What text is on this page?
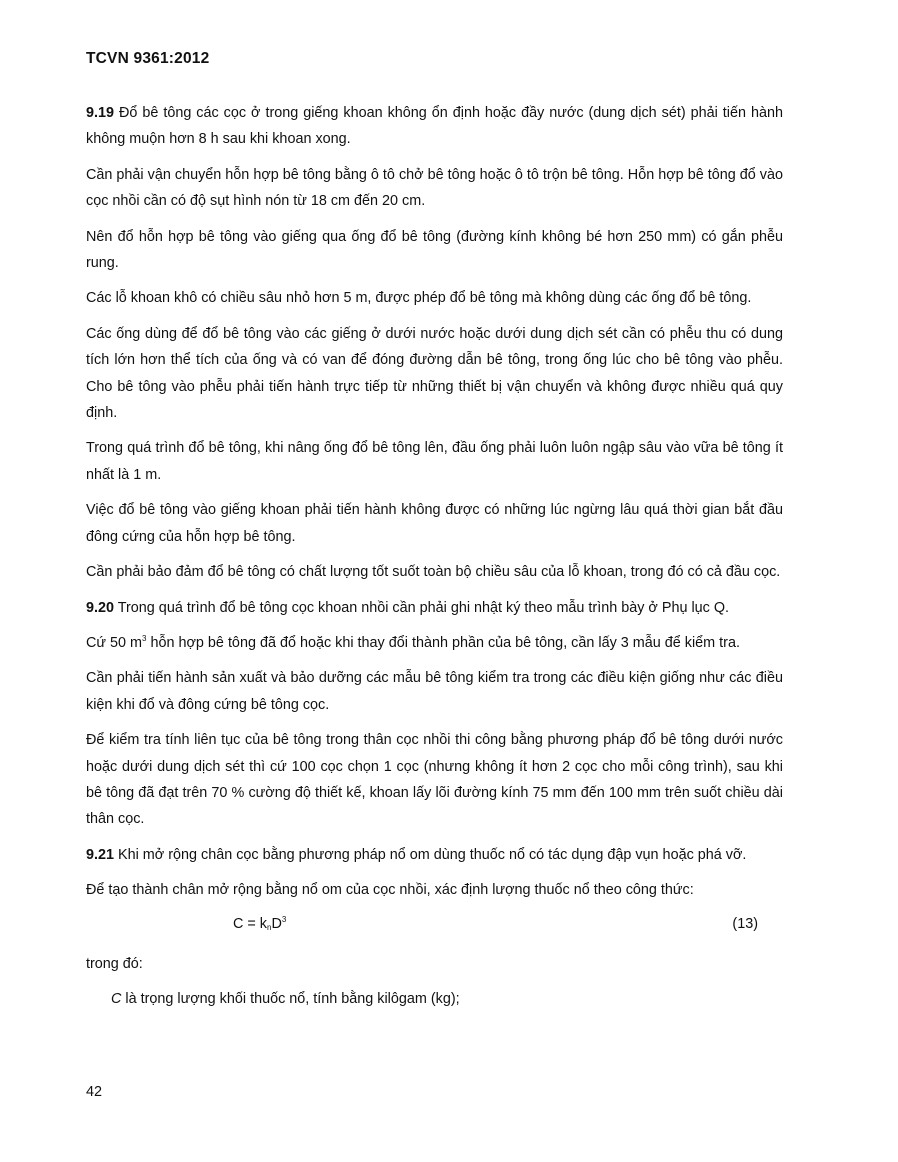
TCVN 9361:2012

9.19 Đổ bê tông các cọc ở trong giếng khoan không ổn định hoặc đầy nước (dung dịch sét) phải tiến hành không muộn hơn 8 h sau khi khoan xong.

Cần phải vận chuyển hỗn hợp bê tông bằng ô tô chở bê tông hoặc ô tô trộn bê tông. Hỗn hợp bê tông đổ vào cọc nhồi cần có độ sụt hình nón từ 18 cm đến 20 cm.

Nên đổ hỗn hợp bê tông vào giếng qua ống đổ bê tông (đường kính không bé hơn 250 mm) có gắn phễu rung.

Các lỗ khoan khô có chiều sâu nhỏ hơn 5 m, được phép đổ bê tông mà không dùng các ống đổ bê tông.

Các ống dùng để đổ bê tông vào các giếng ở dưới nước hoặc dưới dung dịch sét cần có phễu thu có dung tích lớn hơn thể tích của ống và có van để đóng đường dẫn bê tông, trong ống lúc cho bê tông vào phễu. Cho bê tông vào phễu phải tiến hành trực tiếp từ những thiết bị vận chuyển và không được nhiều quá quy định.

Trong quá trình đổ bê tông, khi nâng ống đổ bê tông lên, đầu ống phải luôn luôn ngập sâu vào vữa bê tông ít nhất là 1 m.

Việc đổ bê tông vào giếng khoan phải tiến hành không được có những lúc ngừng lâu quá thời gian bắt đầu đông cứng của hỗn hợp bê tông.

Cần phải bảo đảm đổ bê tông có chất lượng tốt suốt toàn bộ chiều sâu của lỗ khoan, trong đó có cả đầu cọc.

9.20 Trong quá trình đổ bê tông cọc khoan nhồi cần phải ghi nhật ký theo mẫu trình bày ở Phụ lục Q.

Cứ 50 $m^3$ hỗn hợp bê tông đã đổ hoặc khi thay đổi thành phần của bê tông, cần lấy 3 mẫu để kiểm tra.

Cần phải tiến hành sản xuất và bảo dưỡng các mẫu bê tông kiểm tra trong các điều kiện giống như các điều kiện khi đổ và đông cứng bê tông cọc.

Để kiểm tra tính liên tục của bê tông trong thân cọc nhồi thi công bằng phương pháp đổ bê tông dưới nước hoặc dưới dung dịch sét thì cứ 100 cọc chọn 1 cọc (nhưng không ít hơn 2 cọc cho mỗi công trình), sau khi bê tông đã đạt trên 70 % cường độ thiết kế, khoan lấy lõi đường kính 75 mm đến 100 mm trên suốt chiều dài thân cọc.

9.21 Khi mở rộng chân cọc bằng phương pháp nổ om dùng thuốc nổ có tác dụng đập vụn hoặc phá vỡ.

Để tạo thành chân mở rộng bằng nổ om của cọc nhồi, xác định lượng thuốc nổ theo công thức:

$C = k_nD^3$	(13)

trong đó:

C là trọng lượng khối thuốc nổ, tính bằng kilôgam (kg);

42
